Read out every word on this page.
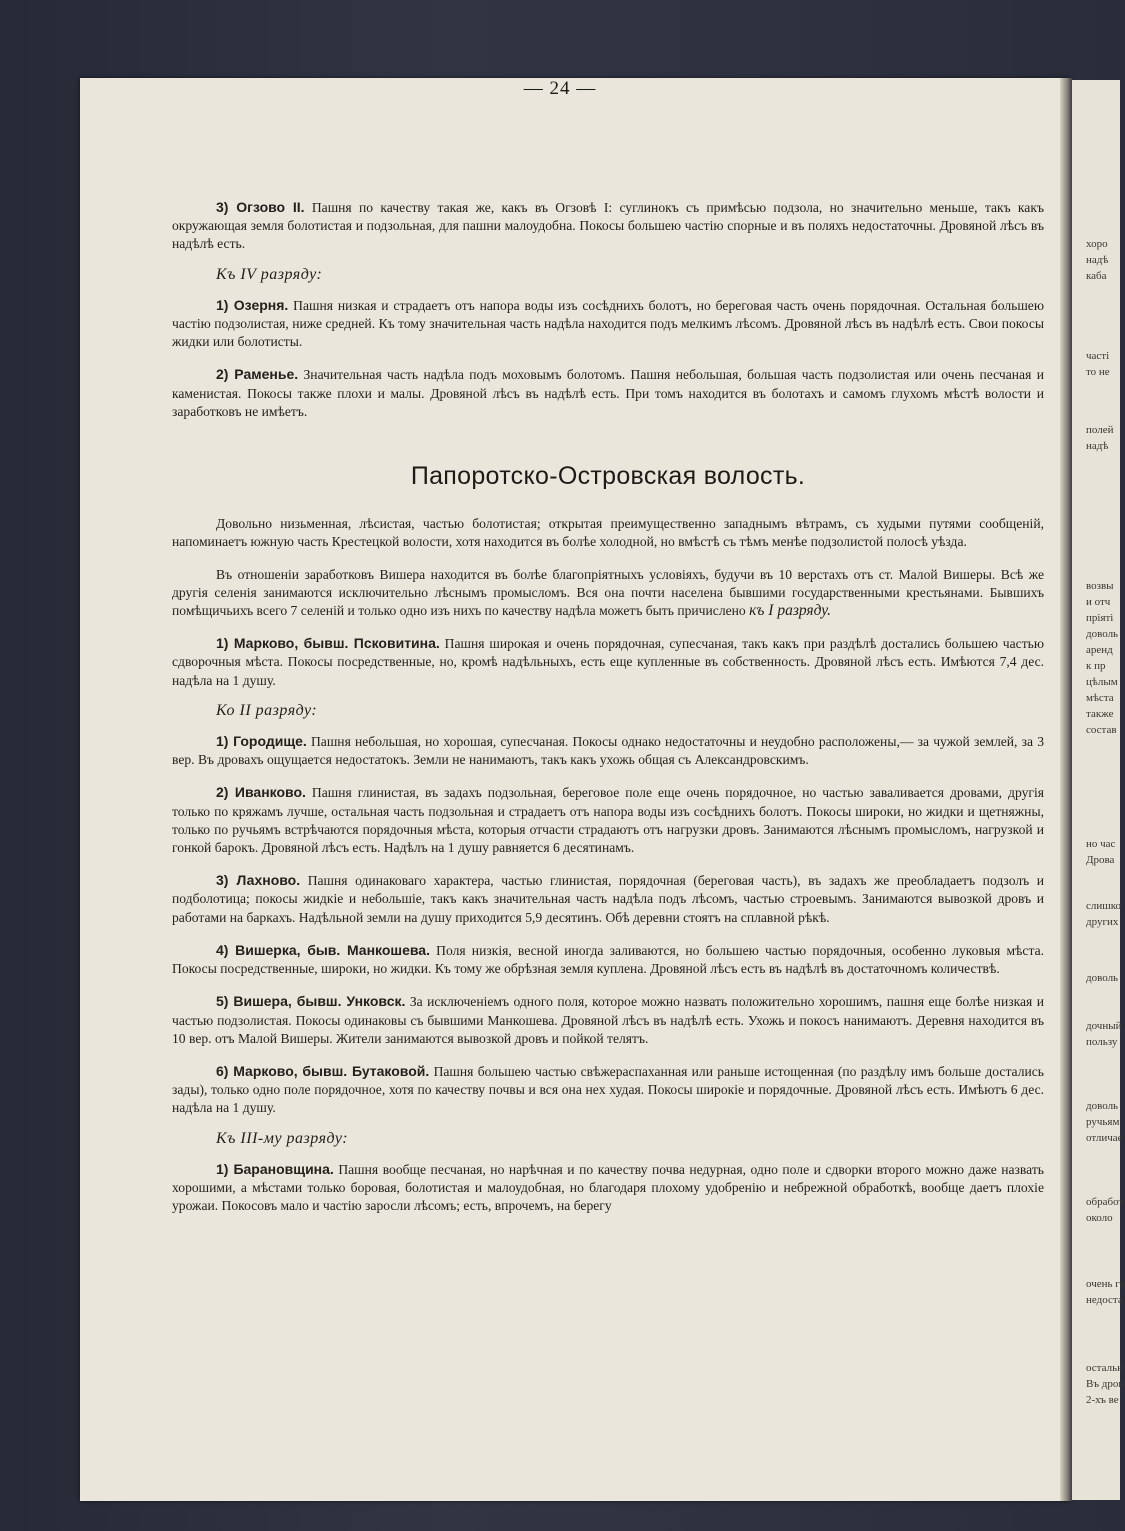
хоро
надѣ
каба
часті
то не
полей
надѣ
возвы
и отч
пріяті
доволь
аренд
к пр
цѣлым
мѣста
также
состав
но час
Дрова
слишко
других
доволь
дочный
пользу
доволь
ручьям
отличае
обработ
около
очень ге
недоста
остальн
Въ дров
2-хъ ве
— 24 —

3) Огзово II. Пашня по качеству такая же, какъ въ Огзовѣ I: суглинокъ съ примѣсью подзола, но значительно меньше, такъ какъ окружающая земля болотистая и подзольная, для пашни малоудобна. Покосы большею частію спорные и въ поляхъ недостаточны. Дровяной лѣсъ въ надѣлѣ есть.

Къ IV разряду:

1) Озерня. Пашня низкая и страдаетъ отъ напора воды изъ сосѣднихъ болотъ, но береговая часть очень порядочная. Остальная большею частію подзолистая, ниже средней. Къ тому значительная часть надѣла находится подъ мелкимъ лѣсомъ. Дровяной лѣсъ въ надѣлѣ есть. Свои покосы жидки или болотисты.

2) Раменье. Значительная часть надѣла подъ моховымъ болотомъ. Пашня небольшая, большая часть подзолистая или очень песчаная и каменистая. Покосы также плохи и малы. Дровяной лѣсъ въ надѣлѣ есть. При томъ находится въ болотахъ и самомъ глухомъ мѣстѣ волости и заработковъ не имѣетъ.

Папоротско-Островская волость.

Довольно низьменная, лѣсистая, частью болотистая; открытая преимущественно западнымъ вѣтрамъ, съ худыми путями сообщеній, напоминаетъ южную часть Крестецкой волости, хотя находится въ болѣе холодной, но вмѣстѣ съ тѣмъ менѣе подзолистой полосѣ уѣзда.

Въ отношеніи заработковъ Вишера находится въ болѣе благопріятныхъ условіяхъ, будучи въ 10 верстахъ отъ ст. Малой Вишеры. Всѣ же другія селенія занимаются исключительно лѣснымъ промысломъ. Вся она почти населена бывшими государственными крестьянами. Бывшихъ помѣщичьихъ всего 7 селеній и только одно изъ нихъ по качеству надѣла можетъ быть причислено къ I разряду.

1) Марково, бывш. Псковитина. Пашня широкая и очень порядочная, супесчаная, такъ какъ при раздѣлѣ достались большею частью сдворочныя мѣста. Покосы посредственные, но, кромѣ надѣльныхъ, есть еще купленные въ собственность. Дровяной лѣсъ есть. Имѣются 7,4 дес. надѣла на 1 душу.

Ко II разряду:

1) Городище. Пашня небольшая, но хорошая, супесчаная. Покосы однако недостаточны и неудобно расположены,— за чужой землей, за 3 вер. Въ дровахъ ощущается недостатокъ. Земли не нанимаютъ, такъ какъ ухожь общая съ Александровскимъ.

2) Иванково. Пашня глинистая, въ задахъ подзольная, береговое поле еще очень порядочное, но частью заваливается дровами, другія только по кряжамъ лучше, остальная часть подзольная и страдаетъ отъ напора воды изъ сосѣднихъ болотъ. Покосы широки, но жидки и щетняжны, только по ручьямъ встрѣчаются порядочныя мѣста, которыя отчасти страдаютъ отъ нагрузки дровъ. Занимаются лѣснымъ промысломъ, нагрузкой и гонкой барокъ. Дровяной лѣсъ есть. Надѣлъ на 1 душу равняется 6 десятинамъ.

3) Лахново. Пашня одинаковаго характера, частью глинистая, порядочная (береговая часть), въ задахъ же преобладаетъ подзолъ и подболотица; покосы жидкіе и небольшіе, такъ какъ значительная часть надѣла подъ лѣсомъ, частью строевымъ. Занимаются вывозкой дровъ и работами на баркахъ. Надѣльной земли на душу приходится 5,9 десятинъ. Обѣ деревни стоятъ на сплавной рѣкѣ.

4) Вишерка, быв. Манкошева. Поля низкія, весной иногда заливаются, но большею частью порядочныя, особенно луковыя мѣста. Покосы посредственные, широки, но жидки. Къ тому же обрѣзная земля куплена. Дровяной лѣсъ есть въ надѣлѣ въ достаточномъ количествѣ.

5) Вишера, бывш. Унковск. За исключеніемъ одного поля, которое можно назвать положительно хорошимъ, пашня еще болѣе низкая и частью подзолистая. Покосы одинаковы съ бывшими Манкошева. Дровяной лѣсъ въ надѣлѣ есть. Ухожь и покосъ нанимаютъ. Деревня находится въ 10 вер. отъ Малой Вишеры. Жители занимаются вывозкой дровъ и пойкой телятъ.

6) Марково, бывш. Бутаковой. Пашня большею частью свѣжераспаханная или раньше истощенная (по раздѣлу имъ больше достались зады), только одно поле порядочное, хотя по качеству почвы и вся она неx худая. Покосы широкіе и порядочные. Дровяной лѣсъ есть. Имѣютъ 6 дес. надѣла на 1 душу.

Къ III-му разряду:

1) Барановщина. Пашня вообще песчаная, но нарѣчная и по качеству почва недурная, одно поле и сдворки второго можно даже назвать хорошими, а мѣстами только боровая, болотистая и малоудобная, но благодаря плохому удобренію и небрежной обработкѣ, вообще даетъ плохіе урожаи. Покосовъ мало и частію заросли лѣсомъ; есть, впрочемъ, на берегу
